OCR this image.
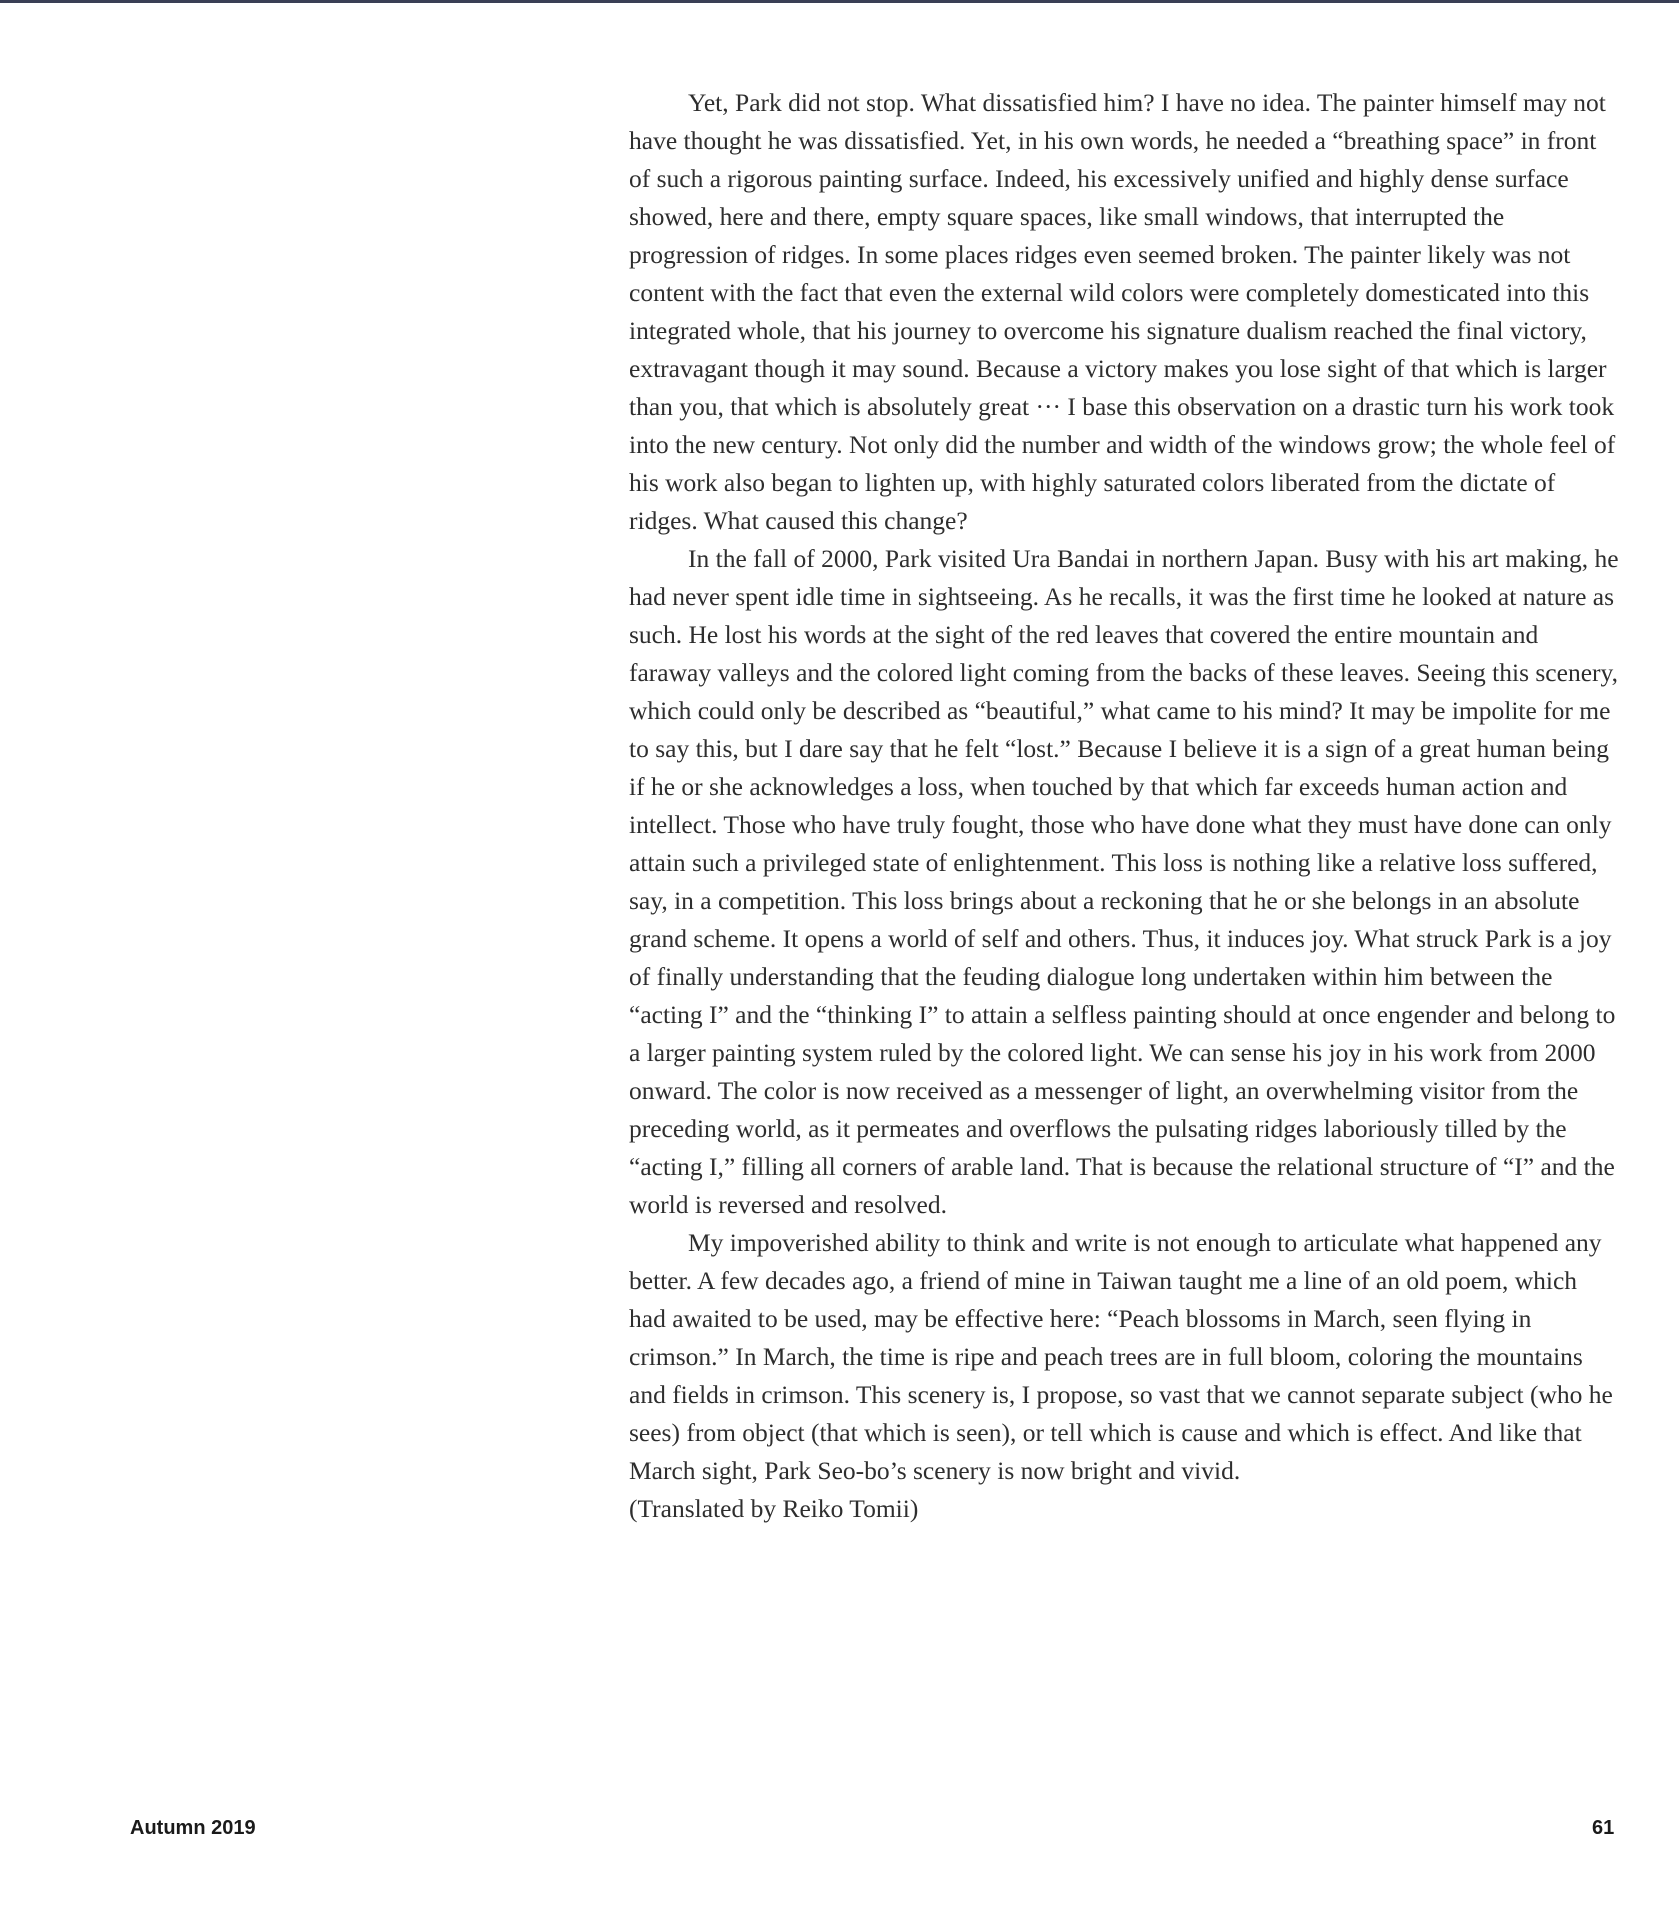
Yet, Park did not stop. What dissatisfied him? I have no idea. The painter himself may not have thought he was dissatisfied. Yet, in his own words, he needed a “breathing space” in front of such a rigorous painting surface. Indeed, his excessively unified and highly dense surface showed, here and there, empty square spaces, like small windows, that interrupted the progression of ridges. In some places ridges even seemed broken. The painter likely was not content with the fact that even the external wild colors were completely domesticated into this integrated whole, that his journey to overcome his signature dualism reached the final victory, extravagant though it may sound. Because a victory makes you lose sight of that which is larger than you, that which is absolutely great ··· I base this observation on a drastic turn his work took into the new century. Not only did the number and width of the windows grow; the whole feel of his work also began to lighten up, with highly saturated colors liberated from the dictate of ridges. What caused this change?

In the fall of 2000, Park visited Ura Bandai in northern Japan. Busy with his art making, he had never spent idle time in sightseeing. As he recalls, it was the first time he looked at nature as such. He lost his words at the sight of the red leaves that covered the entire mountain and faraway valleys and the colored light coming from the backs of these leaves. Seeing this scenery, which could only be described as “beautiful,” what came to his mind? It may be impolite for me to say this, but I dare say that he felt “lost.” Because I believe it is a sign of a great human being if he or she acknowledges a loss, when touched by that which far exceeds human action and intellect. Those who have truly fought, those who have done what they must have done can only attain such a privileged state of enlightenment. This loss is nothing like a relative loss suffered, say, in a competition. This loss brings about a reckoning that he or she belongs in an absolute grand scheme. It opens a world of self and others. Thus, it induces joy. What struck Park is a joy of finally understanding that the feuding dialogue long undertaken within him between the “acting I” and the “thinking I” to attain a selfless painting should at once engender and belong to a larger painting system ruled by the colored light. We can sense his joy in his work from 2000 onward. The color is now received as a messenger of light, an overwhelming visitor from the preceding world, as it permeates and overflows the pulsating ridges laboriously tilled by the “acting I,” filling all corners of arable land. That is because the relational structure of “I” and the world is reversed and resolved.

My impoverished ability to think and write is not enough to articulate what happened any better. A few decades ago, a friend of mine in Taiwan taught me a line of an old poem, which had awaited to be used, may be effective here: “Peach blossoms in March, seen flying in crimson.” In March, the time is ripe and peach trees are in full bloom, coloring the mountains and fields in crimson. This scenery is, I propose, so vast that we cannot separate subject (who he sees) from object (that which is seen), or tell which is cause and which is effect. And like that March sight, Park Seo-bo’s scenery is now bright and vivid.

(Translated by Reiko Tomii)
Autumn 2019	61
